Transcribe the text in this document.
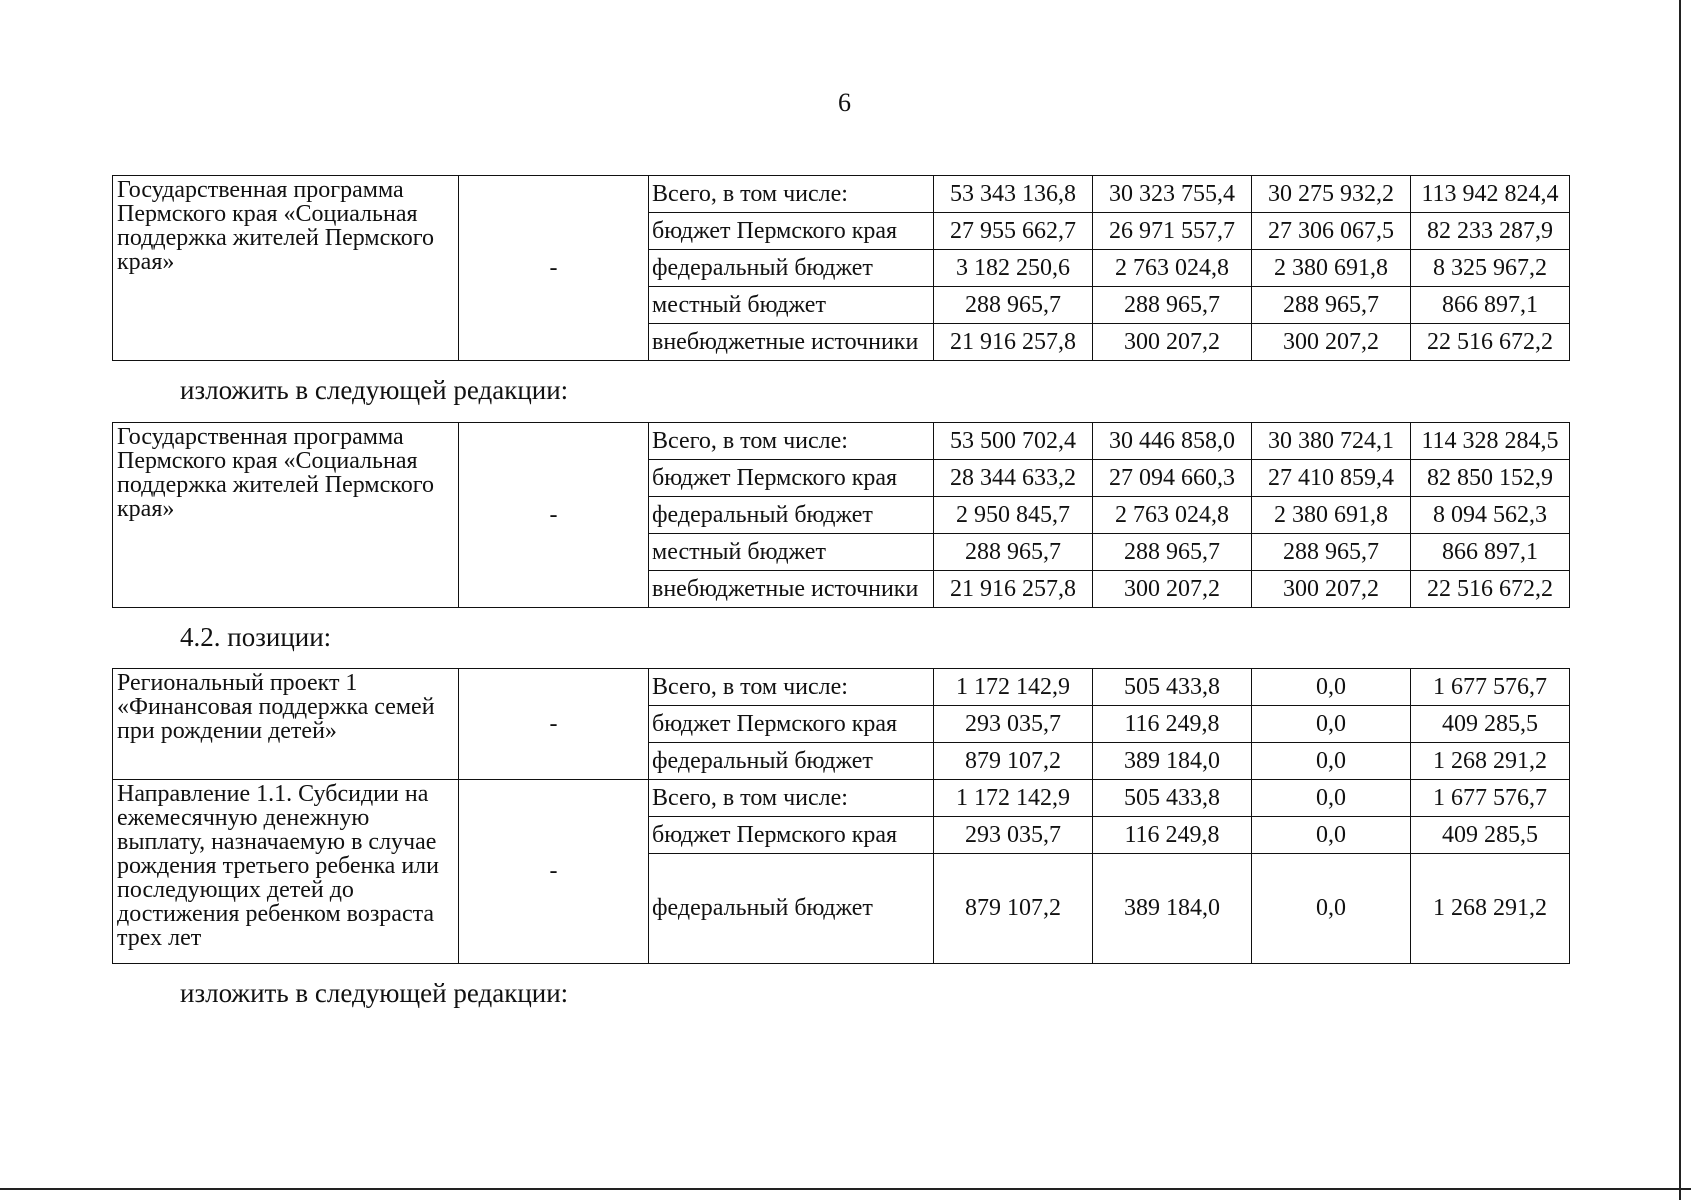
6
Государственная программа Пермского края «Социальная поддержка жителей Пермского края»	-	Всего, в том числе:	53 343 136,8	30 323 755,4	30 275 932,2	113 942 824,4
		бюджет Пермского края	27 955 662,7	26 971 557,7	27 306 067,5	82 233 287,9
		федеральный бюджет	3 182 250,6	2 763 024,8	2 380 691,8	8 325 967,2
		местный бюджет	288 965,7	288 965,7	288 965,7	866 897,1
		внебюджетные источники	21 916 257,8	300 207,2	300 207,2	22 516 672,2
изложить в следующей редакции:
Государственная программа Пермского края «Социальная поддержка жителей Пермского края»	-	Всего, в том числе:	53 500 702,4	30 446 858,0	30 380 724,1	114 328 284,5
		бюджет Пермского края	28 344 633,2	27 094 660,3	27 410 859,4	82 850 152,9
		федеральный бюджет	2 950 845,7	2 763 024,8	2 380 691,8	8 094 562,3
		местный бюджет	288 965,7	288 965,7	288 965,7	866 897,1
		внебюджетные источники	21 916 257,8	300 207,2	300 207,2	22 516 672,2
4.2. позиции:
Региональный проект 1 «Финансовая поддержка семей при рождении детей»	-	Всего, в том числе:	1 172 142,9	505 433,8	0,0	1 677 576,7
		бюджет Пермского края	293 035,7	116 249,8	0,0	409 285,5
		федеральный бюджет	879 107,2	389 184,0	0,0	1 268 291,2
Направление 1.1. Субсидии на ежемесячную денежную выплату, назначаемую в случае рождения третьего ребенка или последующих детей до достижения ребенком возраста трех лет	-	Всего, в том числе:	1 172 142,9	505 433,8	0,0	1 677 576,7
		бюджет Пермского края	293 035,7	116 249,8	0,0	409 285,5
		федеральный бюджет	879 107,2	389 184,0	0,0	1 268 291,2
изложить в следующей редакции:
